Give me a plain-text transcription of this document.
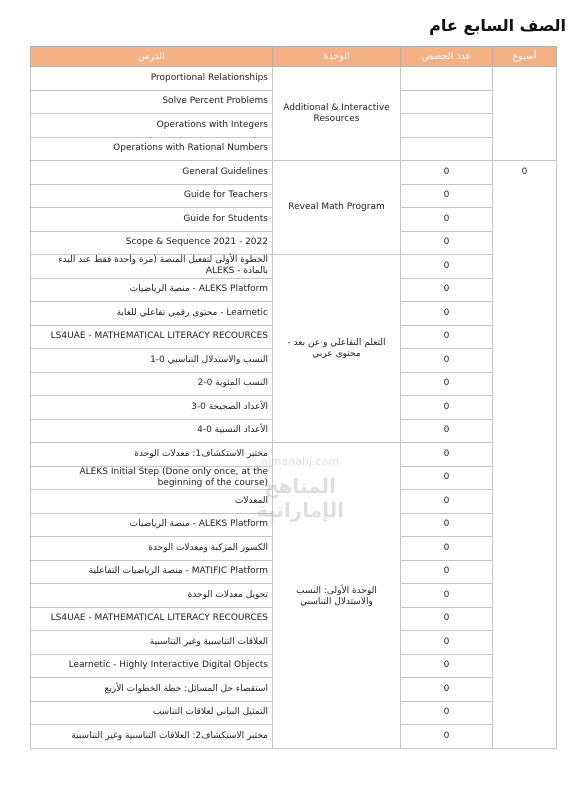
الصف السابع عام
أسبوع	عدد الحصص	الوحدة	الدرس
		Additional & Interactive Resources	Proportional Relationships
			Solve Percent Problems
			Operations with Integers
			Operations with Rational Numbers
0	0	Reveal Math Program	General Guidelines
	0		Guide for Teachers
	0		Guide for Students
	0		Scope & Sequence 2021 - 2022
	0	التعلم التفاعلي و عن بعد - محتوى عربي	الخطوة الأولى لتفعيل المنصة (مرة واحدة فقط عند البدء بالمادة - ALEKS
	0		ALEKS Platform - منصة الرياضيات
	0		Learnetic - محتوى رقمي تفاعلي للغاية
	0		LS4UAE - MATHEMATICAL LITERACY RECOURCES
	0		النسب والاستدلال التناسبي 0-1
	0		النسب المئوية 0-2
	0		الأعداد الصحيحة 0-3
	0		الأعداد النسبية 0-4
	0	الوحدة الأولى: النسب والاستدلال التناسبي	مختبر الاستكشاف1: معدلات الوحدة
	0		ALEKS Initial Step (Done only once, at the beginning of the course)
	0		المعدلات
	0		ALEKS Platform - منصة الرياضيات
	0		الكسور المركبة ومعدلات الوحدة
	0		MATIFIC Platform - منصة الرياضيات التفاعلية
	0		تحويل معدلات الوحدة
	0		LS4UAE - MATHEMATICAL LITERACY RECOURCES
	0		العلاقات التناسبية وغير التناسبية
	0		Learnetic - Highly Interactive Digital Objects
	0		استقصاء حل المسائل: خطة الخطوات الأربع
	0		التمثيل البياني لعلاقات التناسب
	0		مختبر الاستكشاف2: العلاقات التناسبية وغير التناسبية
almanahj.com
المناهج الإماراتية
